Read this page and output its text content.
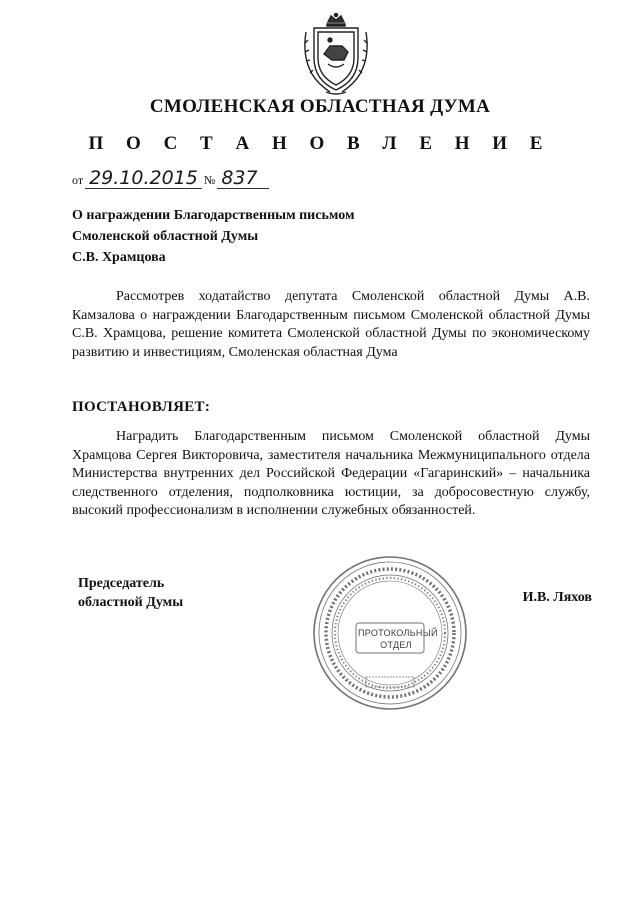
СМОЛЕНСКАЯ ОБЛАСТНАЯ ДУМА
П О С Т А Н О В Л Е Н И Е
от 29.10.2015 № 837
О награждении Благодарственным письмом
Смоленской областной Думы
С.В. Храмцова
Рассмотрев ходатайство депутата Смоленской областной Думы А.В. Камзалова о награждении Благодарственным письмом Смоленской областной Думы С.В. Храмцова, решение комитета Смоленской областной Думы по экономическому развитию и инвестициям, Смоленская областная Дума
ПОСТАНОВЛЯЕТ:
Наградить Благодарственным письмом Смоленской областной Думы Храмцова Сергея Викторовича, заместителя начальника Межмуниципального отдела Министерства внутренних дел Российской Федерации «Гагаринский» – начальника следственного отделения, подполковника юстиции, за добросовестную службу, высокий профессионализм в исполнении служебных обязанностей.
Председатель
областной Думы
ПРОТОКОЛЬНЫЙ
ОТДЕЛ
И.В. Ляхов
